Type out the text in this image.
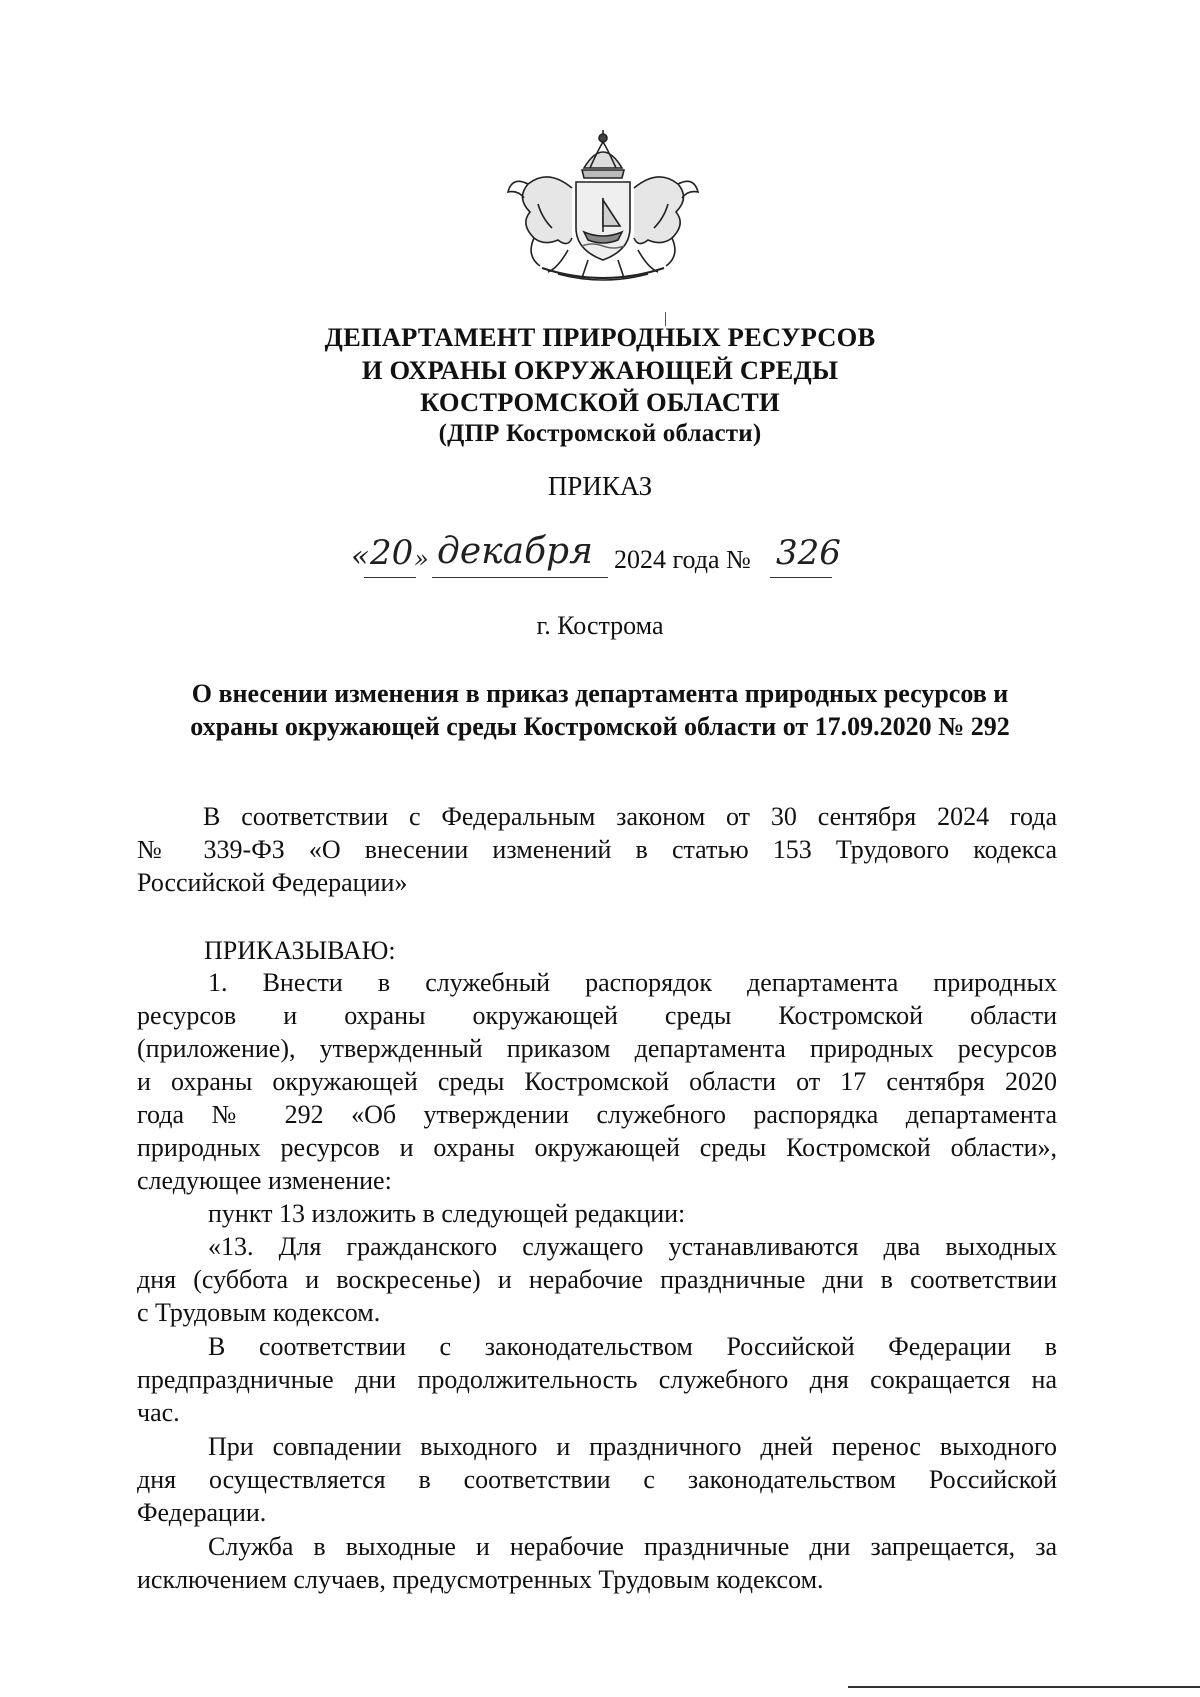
ДЕПАРТАМЕНТ ПРИРОДНЫХ РЕСУРСОВ
И ОХРАНЫ ОКРУЖАЮЩЕЙ СРЕДЫ
КОСТРОМСКОЙ ОБЛАСТИ
(ДПР Костромской области)
ПРИКАЗ
« 20 » декабря 2024 года № 326
г. Кострома
О внесении изменения в приказ департамента природных ресурсов и
охраны окружающей среды Костромской области от 17.09.2020 № 292
В соответствии с Федеральным законом от 30 сентября 2024 года
№ 339-ФЗ «О внесении изменений в статью 153 Трудового кодекса
Российской Федерации»
ПРИКАЗЫВАЮ:
1. Внести в служебный распорядок департамента природных
ресурсов и охраны окружающей среды Костромской области
(приложение), утвержденный приказом департамента природных ресурсов
и охраны окружающей среды Костромской области от 17 сентября 2020
года № 292 «Об утверждении служебного распорядка департамента
природных ресурсов и охраны окружающей среды Костромской области»,
следующее изменение:
пункт 13 изложить в следующей редакции:
«13. Для гражданского служащего устанавливаются два выходных
дня (суббота и воскресенье) и нерабочие праздничные дни в соответствии
с Трудовым кодексом.
В соответствии с законодательством Российской Федерации в
предпраздничные дни продолжительность служебного дня сокращается на
час.
При совпадении выходного и праздничного дней перенос выходного
дня осуществляется в соответствии с законодательством Российской
Федерации.
Служба в выходные и нерабочие праздничные дни запрещается, за
исключением случаев, предусмотренных Трудовым кодексом.
